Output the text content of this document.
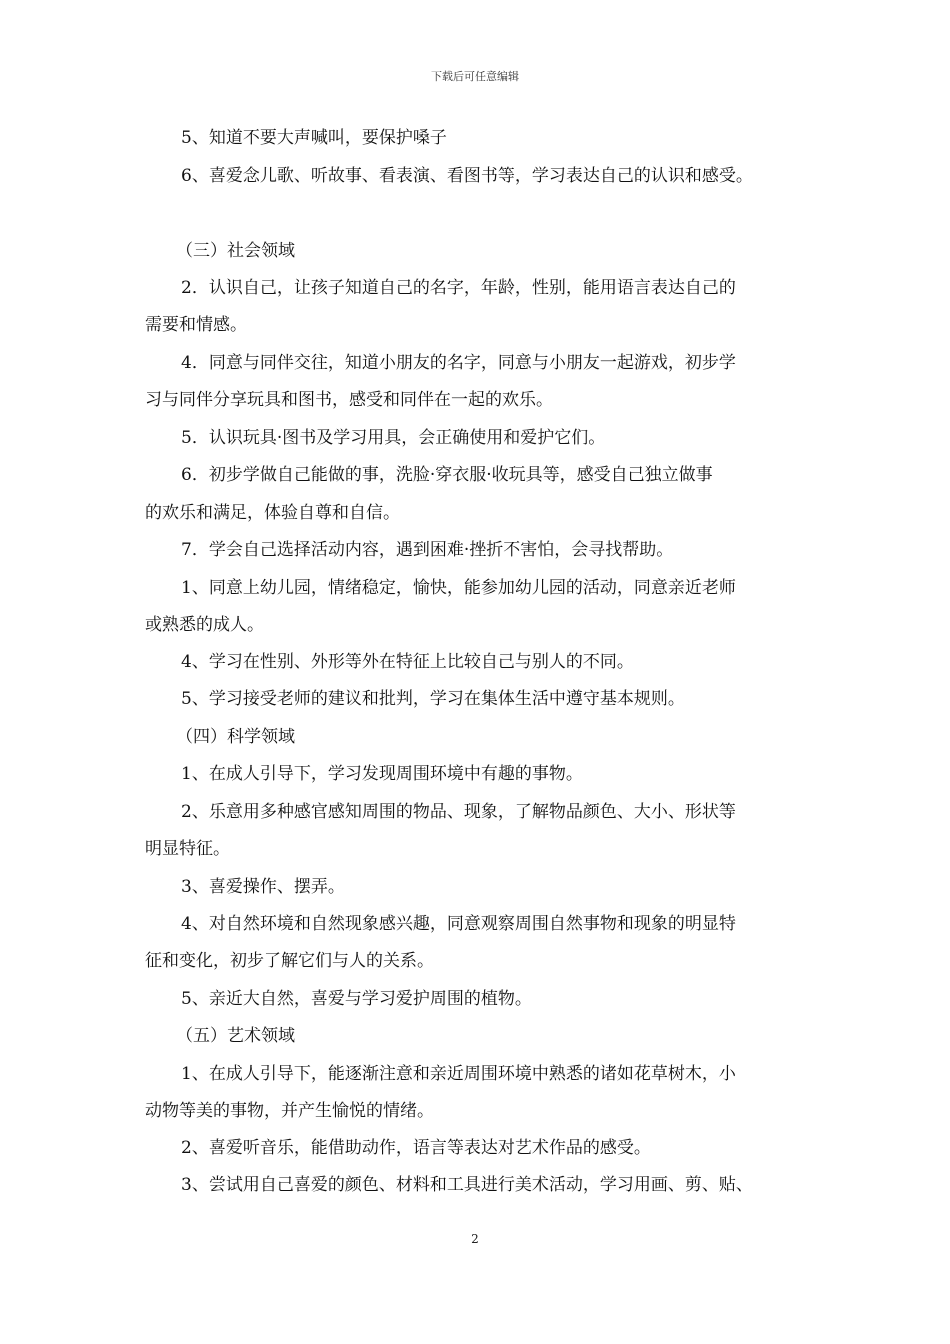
下载后可任意编辑
5、知道不要大声喊叫，要保护嗓子
6、喜爱念儿歌、听故事、看表演、看图书等，学习表达自己的认识和感受。
（三）社会领域
2．认识自己，让孩子知道自己的名字，年龄，性别，能用语言表达自己的
需要和情感。
4．同意与同伴交往，知道小朋友的名字，同意与小朋友一起游戏，初步学
习与同伴分享玩具和图书，感受和同伴在一起的欢乐。
5．认识玩具·图书及学习用具，会正确使用和爱护它们。
6．初步学做自己能做的事，洗脸·穿衣服·收玩具等，感受自己独立做事
的欢乐和满足，体验自尊和自信。
7．学会自己选择活动内容，遇到困难·挫折不害怕，会寻找帮助。
1、同意上幼儿园，情绪稳定，愉快，能参加幼儿园的活动，同意亲近老师
或熟悉的成人。
4、学习在性别、外形等外在特征上比较自己与别人的不同。
5、学习接受老师的建议和批判，学习在集体生活中遵守基本规则。
（四）科学领域
1、在成人引导下，学习发现周围环境中有趣的事物。
2、乐意用多种感官感知周围的物品、现象，了解物品颜色、大小、形状等
明显特征。
3、喜爱操作、摆弄。
4、对自然环境和自然现象感兴趣，同意观察周围自然事物和现象的明显特
征和变化，初步了解它们与人的关系。
5、亲近大自然，喜爱与学习爱护周围的植物。
（五）艺术领域
1、在成人引导下，能逐渐注意和亲近周围环境中熟悉的诸如花草树木，小
动物等美的事物，并产生愉悦的情绪。
2、喜爱听音乐，能借助动作，语言等表达对艺术作品的感受。
3、尝试用自己喜爱的颜色、材料和工具进行美术活动，学习用画、剪、贴、
2
